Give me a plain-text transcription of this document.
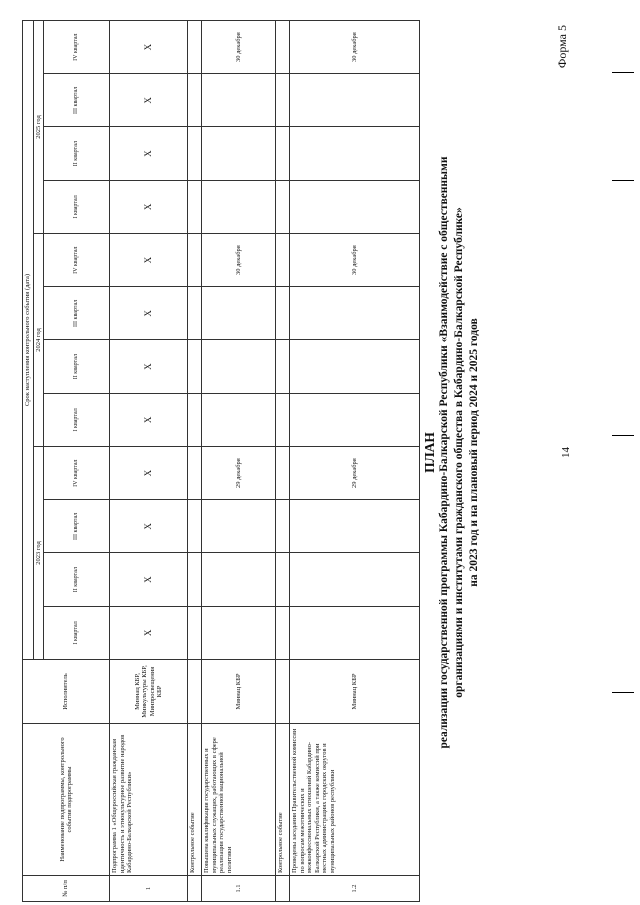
Форма 5
ПЛАН реализации государственной программы Кабардино-Балкарской Республики «Взаимодействие с общественными организациями и институтами гражданского общества в Кабардино-Балкарской Республике» на 2023 год и на плановый период 2024 и 2025 годов	14
№ п/п	Наименование подпрограммы, контрольного события подпрограммы	Исполнитель	Срок наступления контрольного события (дата)											
			2023 год				2024 год				2025 год			
			I квартал	II квартал	III квартал	IV квартал	I квартал	II квартал	III квартал	IV квартал	I квартал	II квартал	III квартал	IV квартал
1	Подпрограмма 1 «Общероссийская гражданская идентичность и этнокультурное развитие народов Кабардино-Балкарской Республики»	Миннац КБР, Минкультуры КБР, Минпросвещения КБР	X	X	X	X	X	X	X	X	X	X	X	X
	Контрольное событие													
1.1	Повышена квалификация государственных и муниципальных служащих, работающих в сфере реализации государственной национальной политики	Миннац КБР				29 декабря				30 декабря				30 декабря
	Контрольное событие													
1.2	Проведены заседания Правительственной комиссии по вопросам межэтнических и межконфессиональных отношений Кабардино-Балкарской Республики, а также комиссий при местных администрациях городских округов и муниципальных районов республики	Миннац КБР				29 декабря				30 декабря				30 декабря
